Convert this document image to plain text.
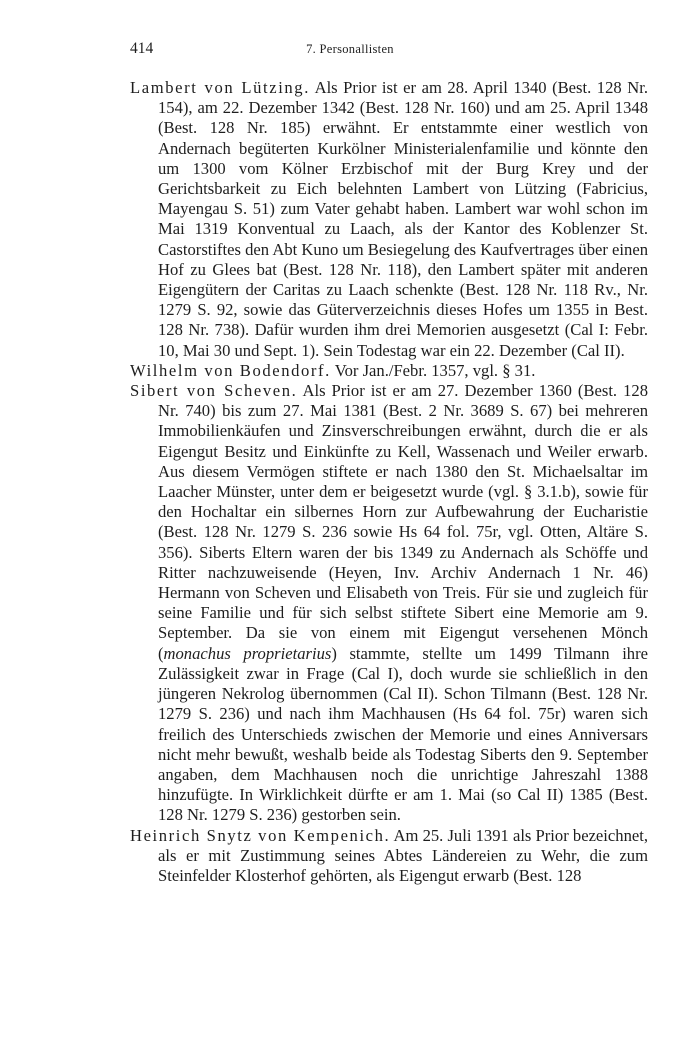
414	7. Personallisten

Lambert von Lützing. Als Prior ist er am 28. April 1340 (Best. 128 Nr. 154), am 22. Dezember 1342 (Best. 128 Nr. 160) und am 25. April 1348 (Best. 128 Nr. 185) erwähnt. Er entstammte einer westlich von Andernach begüterten Kurkölner Ministerialenfamilie und könnte den um 1300 vom Kölner Erzbischof mit der Burg Krey und der Gerichtsbarkeit zu Eich belehnten Lambert von Lützing (Fabricius, Mayengau S. 51) zum Vater gehabt haben. Lambert war wohl schon im Mai 1319 Konventual zu Laach, als der Kantor des Koblenzer St. Castorstiftes den Abt Kuno um Besiegelung des Kaufvertrages über einen Hof zu Glees bat (Best. 128 Nr. 118), den Lambert später mit anderen Eigengütern der Caritas zu Laach schenkte (Best. 128 Nr. 118 Rv., Nr. 1279 S. 92, sowie das Güterverzeichnis dieses Hofes um 1355 in Best. 128 Nr. 738). Dafür wurden ihm drei Memorien ausgesetzt (Cal I: Febr. 10, Mai 30 und Sept. 1). Sein Todestag war ein 22. Dezember (Cal II).

Wilhelm von Bodendorf. Vor Jan./Febr. 1357, vgl. § 31.

Sibert von Scheven. Als Prior ist er am 27. Dezember 1360 (Best. 128 Nr. 740) bis zum 27. Mai 1381 (Best. 2 Nr. 3689 S. 67) bei mehreren Immobilienkäufen und Zinsverschreibungen erwähnt, durch die er als Eigengut Besitz und Einkünfte zu Kell, Wassenach und Weiler erwarb. Aus diesem Vermögen stiftete er nach 1380 den St. Michaelsaltar im Laacher Münster, unter dem er beigesetzt wurde (vgl. § 3.1.b), sowie für den Hochaltar ein silbernes Horn zur Aufbewahrung der Eucharistie (Best. 128 Nr. 1279 S. 236 sowie Hs 64 fol. 75r, vgl. Otten, Altäre S. 356). Siberts Eltern waren der bis 1349 zu Andernach als Schöffe und Ritter nachzuweisende (Heyen, Inv. Archiv Andernach 1 Nr. 46) Hermann von Scheven und Elisabeth von Treis. Für sie und zugleich für seine Familie und für sich selbst stiftete Sibert eine Memorie am 9. September. Da sie von einem mit Eigengut versehenen Mönch (monachus proprietarius) stammte, stellte um 1499 Tilmann ihre Zulässigkeit zwar in Frage (Cal I), doch wurde sie schließlich in den jüngeren Nekrolog übernommen (Cal II). Schon Tilmann (Best. 128 Nr. 1279 S. 236) und nach ihm Machhausen (Hs 64 fol. 75r) waren sich freilich des Unterschieds zwischen der Memorie und eines Anniversars nicht mehr bewußt, weshalb beide als Todestag Siberts den 9. September angaben, dem Machhausen noch die unrichtige Jahreszahl 1388 hinzufügte. In Wirklichkeit dürfte er am 1. Mai (so Cal II) 1385 (Best. 128 Nr. 1279 S. 236) gestorben sein.

Heinrich Snytz von Kempenich. Am 25. Juli 1391 als Prior bezeichnet, als er mit Zustimmung seines Abtes Ländereien zu Wehr, die zum Steinfelder Klosterhof gehörten, als Eigengut erwarb (Best. 128
